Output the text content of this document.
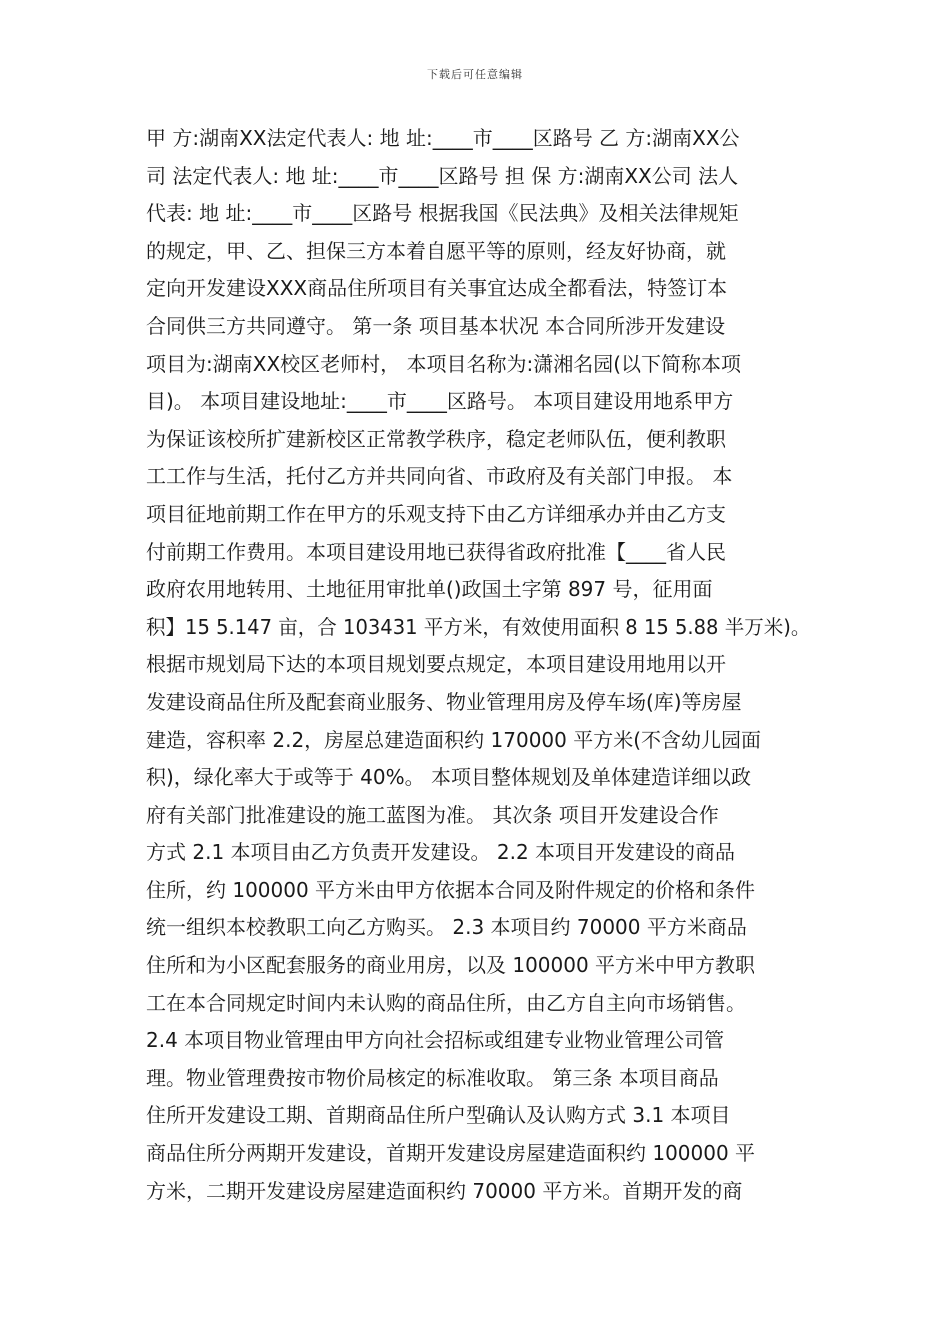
下载后可任意编辑
甲 方:湖南XX法定代表人: 地 址:____市____区路号 乙 方:湖南XX公
司 法定代表人: 地 址:____市____区路号 担 保 方:湖南XX公司 法人
代表: 地 址:____市____区路号 根据我国《民法典》及相关法律规矩
的规定，甲、乙、担保三方本着自愿平等的原则，经友好协商，就
定向开发建设XXX商品住所项目有关事宜达成全都看法，特签订本
合同供三方共同遵守。 第一条 项目基本状况 本合同所涉开发建设
项目为:湖南XX校区老师村， 本项目名称为:潇湘名园(以下简称本项
目)。 本项目建设地址:____市____区路号。 本项目建设用地系甲方
为保证该校所扩建新校区正常教学秩序，稳定老师队伍，便利教职
工工作与生活，托付乙方并共同向省、市政府及有关部门申报。 本
项目征地前期工作在甲方的乐观支持下由乙方详细承办并由乙方支
付前期工作费用。本项目建设用地已获得省政府批准【____省人民
政府农用地转用、土地征用审批单()政国土字第 897 号，征用面
积】15 5.147 亩，合 103431 平方米，有效使用面积 8 15 5.88 半万米)。
根据市规划局下达的本项目规划要点规定，本项目建设用地用以开
发建设商品住所及配套商业服务、物业管理用房及停车场(库)等房屋
建造，容积率 2.2，房屋总建造面积约 170000 平方米(不含幼儿园面
积)，绿化率大于或等于 40%。 本项目整体规划及单体建造详细以政
府有关部门批准建设的施工蓝图为准。 其次条 项目开发建设合作
方式 2.1 本项目由乙方负责开发建设。 2.2 本项目开发建设的商品
住所，约 100000 平方米由甲方依据本合同及附件规定的价格和条件
统一组织本校教职工向乙方购买。 2.3 本项目约 70000 平方米商品
住所和为小区配套服务的商业用房，以及 100000 平方米中甲方教职
工在本合同规定时间内未认购的商品住所，由乙方自主向市场销售。
2.4 本项目物业管理由甲方向社会招标或组建专业物业管理公司管
理。物业管理费按市物价局核定的标准收取。 第三条 本项目商品
住所开发建设工期、首期商品住所户型确认及认购方式 3.1 本项目
商品住所分两期开发建设，首期开发建设房屋建造面积约 100000 平
方米，二期开发建设房屋建造面积约 70000 平方米。首期开发的商
